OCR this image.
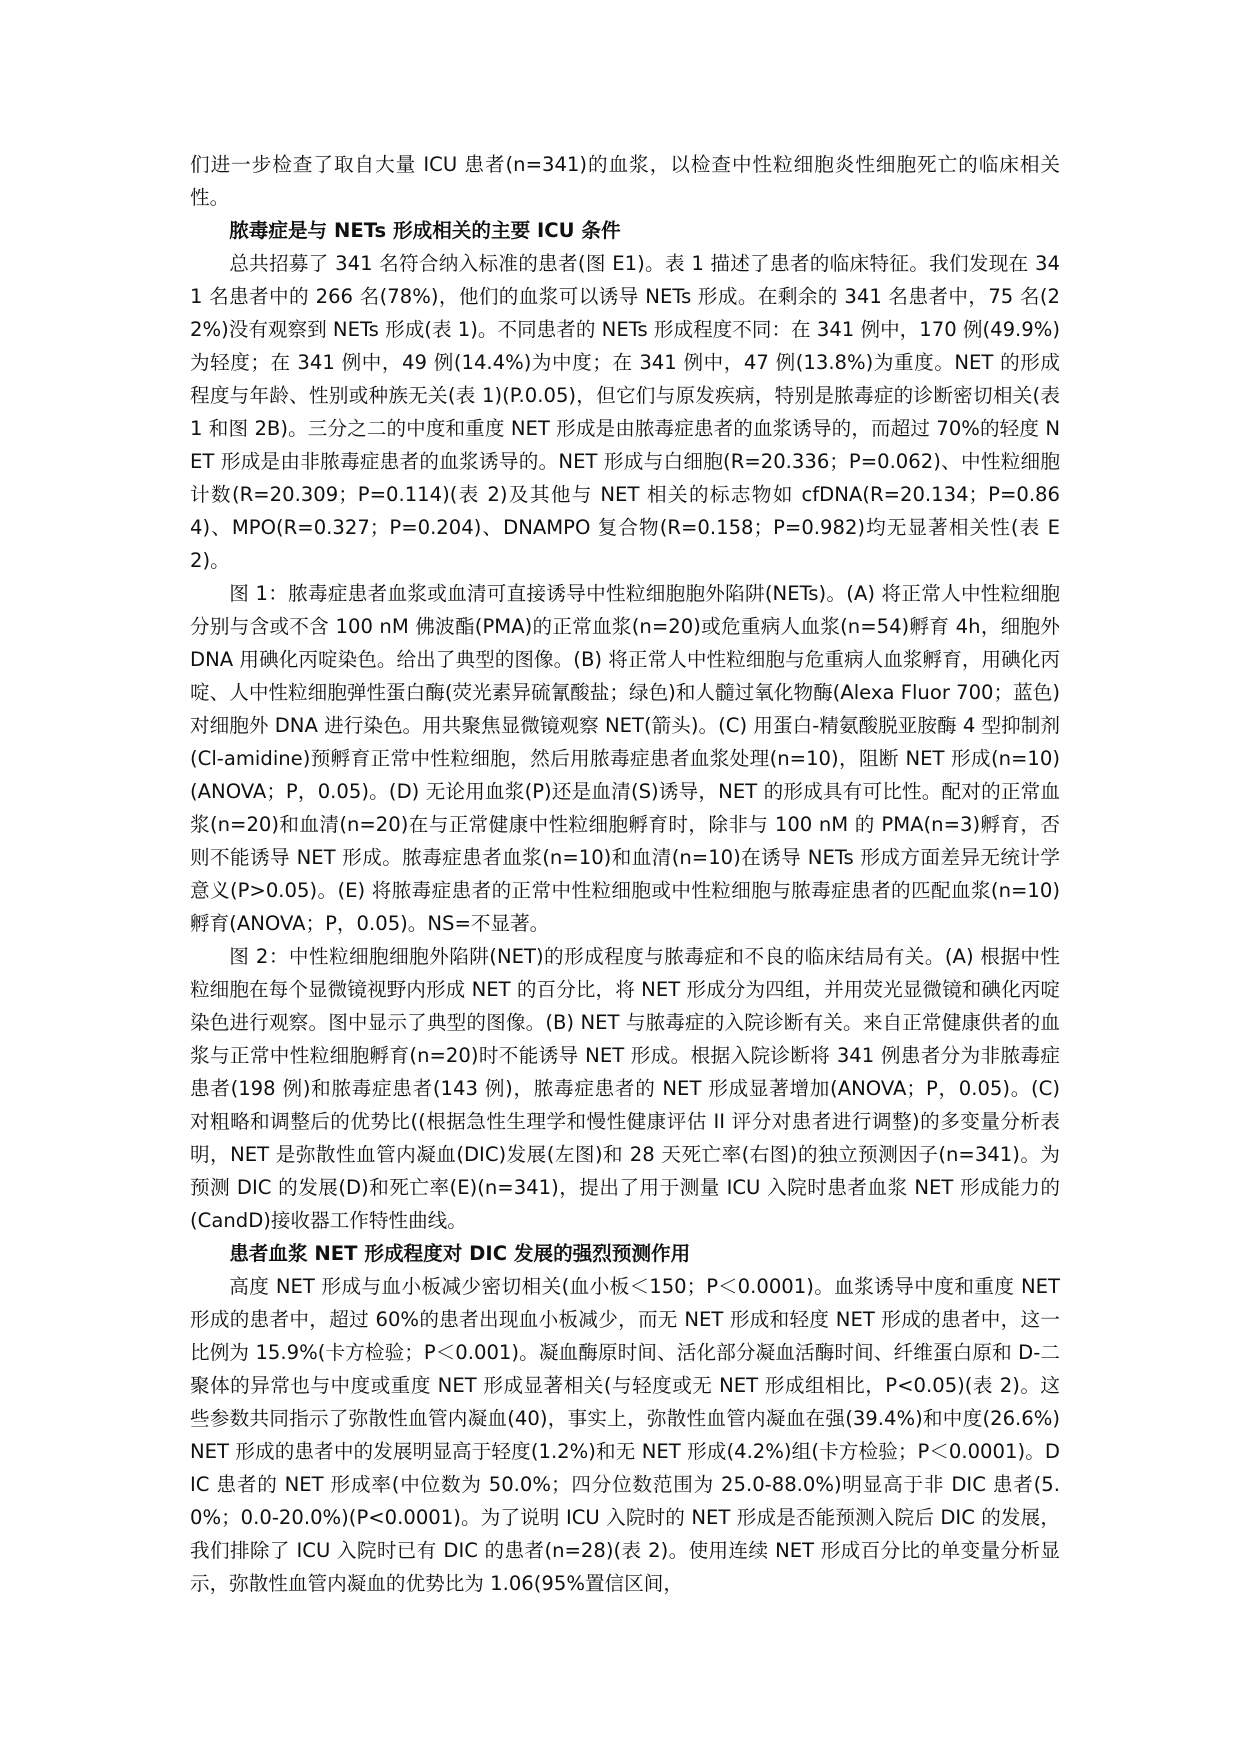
们进一步检查了取自大量 ICU 患者(n=341)的血浆，以检查中性粒细胞炎性细胞死亡的临床相关性。

脓毒症是与 NETs 形成相关的主要 ICU 条件

总共招募了 341 名符合纳入标准的患者(图 E1)。表 1 描述了患者的临床特征。我们发现在 341 名患者中的 266 名(78%)，他们的血浆可以诱导 NETs 形成。在剩余的 341 名患者中，75 名(22%)没有观察到 NETs 形成(表 1)。不同患者的 NETs 形成程度不同：在 341 例中，170 例(49.9%)为轻度；在 341 例中，49 例(14.4%)为中度；在 341 例中，47 例(13.8%)为重度。NET 的形成程度与年龄、性别或种族无关(表 1)(P.0.05)，但它们与原发疾病，特别是脓毒症的诊断密切相关(表 1 和图 2B)。三分之二的中度和重度 NET 形成是由脓毒症患者的血浆诱导的，而超过 70%的轻度 NET 形成是由非脓毒症患者的血浆诱导的。NET 形成与白细胞(R=20.336；P=0.062)、中性粒细胞计数(R=20.309；P=0.114)(表 2)及其他与 NET 相关的标志物如 cfDNA(R=20.134；P=0.864)、MPO(R=0.327；P=0.204)、DNAMPO 复合物(R=0.158；P=0.982)均无显著相关性(表 E2)。

图 1：脓毒症患者血浆或血清可直接诱导中性粒细胞胞外陷阱(NETs)。(A) 将正常人中性粒细胞分别与含或不含 100 nM 佛波酯(PMA)的正常血浆(n=20)或危重病人血浆(n=54)孵育 4h，细胞外 DNA 用碘化丙啶染色。给出了典型的图像。(B) 将正常人中性粒细胞与危重病人血浆孵育，用碘化丙啶、人中性粒细胞弹性蛋白酶(荧光素异硫氰酸盐；绿色)和人髓过氧化物酶(Alexa Fluor 700；蓝色)对细胞外 DNA 进行染色。用共聚焦显微镜观察 NET(箭头)。(C) 用蛋白-精氨酸脱亚胺酶 4 型抑制剂(Cl-amidine)预孵育正常中性粒细胞，然后用脓毒症患者血浆处理(n=10)，阻断 NET 形成(n=10)(ANOVA；P，0.05)。(D) 无论用血浆(P)还是血清(S)诱导，NET 的形成具有可比性。配对的正常血浆(n=20)和血清(n=20)在与正常健康中性粒细胞孵育时，除非与 100 nM 的 PMA(n=3)孵育，否则不能诱导 NET 形成。脓毒症患者血浆(n=10)和血清(n=10)在诱导 NETs 形成方面差异无统计学意义(P>0.05)。(E) 将脓毒症患者的正常中性粒细胞或中性粒细胞与脓毒症患者的匹配血浆(n=10)孵育(ANOVA；P，0.05)。NS=不显著。

图 2：中性粒细胞细胞外陷阱(NET)的形成程度与脓毒症和不良的临床结局有关。(A) 根据中性粒细胞在每个显微镜视野内形成 NET 的百分比，将 NET 形成分为四组，并用荧光显微镜和碘化丙啶染色进行观察。图中显示了典型的图像。(B) NET 与脓毒症的入院诊断有关。来自正常健康供者的血浆与正常中性粒细胞孵育(n=20)时不能诱导 NET 形成。根据入院诊断将 341 例患者分为非脓毒症患者(198 例)和脓毒症患者(143 例)，脓毒症患者的 NET 形成显著增加(ANOVA；P，0.05)。(C) 对粗略和调整后的优势比((根据急性生理学和慢性健康评估 II 评分对患者进行调整)的多变量分析表明，NET 是弥散性血管内凝血(DIC)发展(左图)和 28 天死亡率(右图)的独立预测因子(n=341)。为预测 DIC 的发展(D)和死亡率(E)(n=341)，提出了用于测量 ICU 入院时患者血浆 NET 形成能力的(CandD)接收器工作特性曲线。

患者血浆 NET 形成程度对 DIC 发展的强烈预测作用

高度 NET 形成与血小板减少密切相关(血小板＜150；P＜0.0001)。血浆诱导中度和重度 NET 形成的患者中，超过 60%的患者出现血小板减少，而无 NET 形成和轻度 NET 形成的患者中，这一比例为 15.9%(卡方检验；P＜0.001)。凝血酶原时间、活化部分凝血活酶时间、纤维蛋白原和 D-二聚体的异常也与中度或重度 NET 形成显著相关(与轻度或无 NET 形成组相比，P<0.05)(表 2)。这些参数共同指示了弥散性血管内凝血(40)，事实上，弥散性血管内凝血在强(39.4%)和中度(26.6%)NET 形成的患者中的发展明显高于轻度(1.2%)和无 NET 形成(4.2%)组(卡方检验；P＜0.0001)。DIC 患者的 NET 形成率(中位数为 50.0%；四分位数范围为 25.0-88.0%)明显高于非 DIC 患者(5.0%；0.0-20.0%)(P<0.0001)。为了说明 ICU 入院时的 NET 形成是否能预测入院后 DIC 的发展，我们排除了 ICU 入院时已有 DIC 的患者(n=28)(表 2)。使用连续 NET 形成百分比的单变量分析显示，弥散性血管内凝血的优势比为 1.06(95%置信区间，
